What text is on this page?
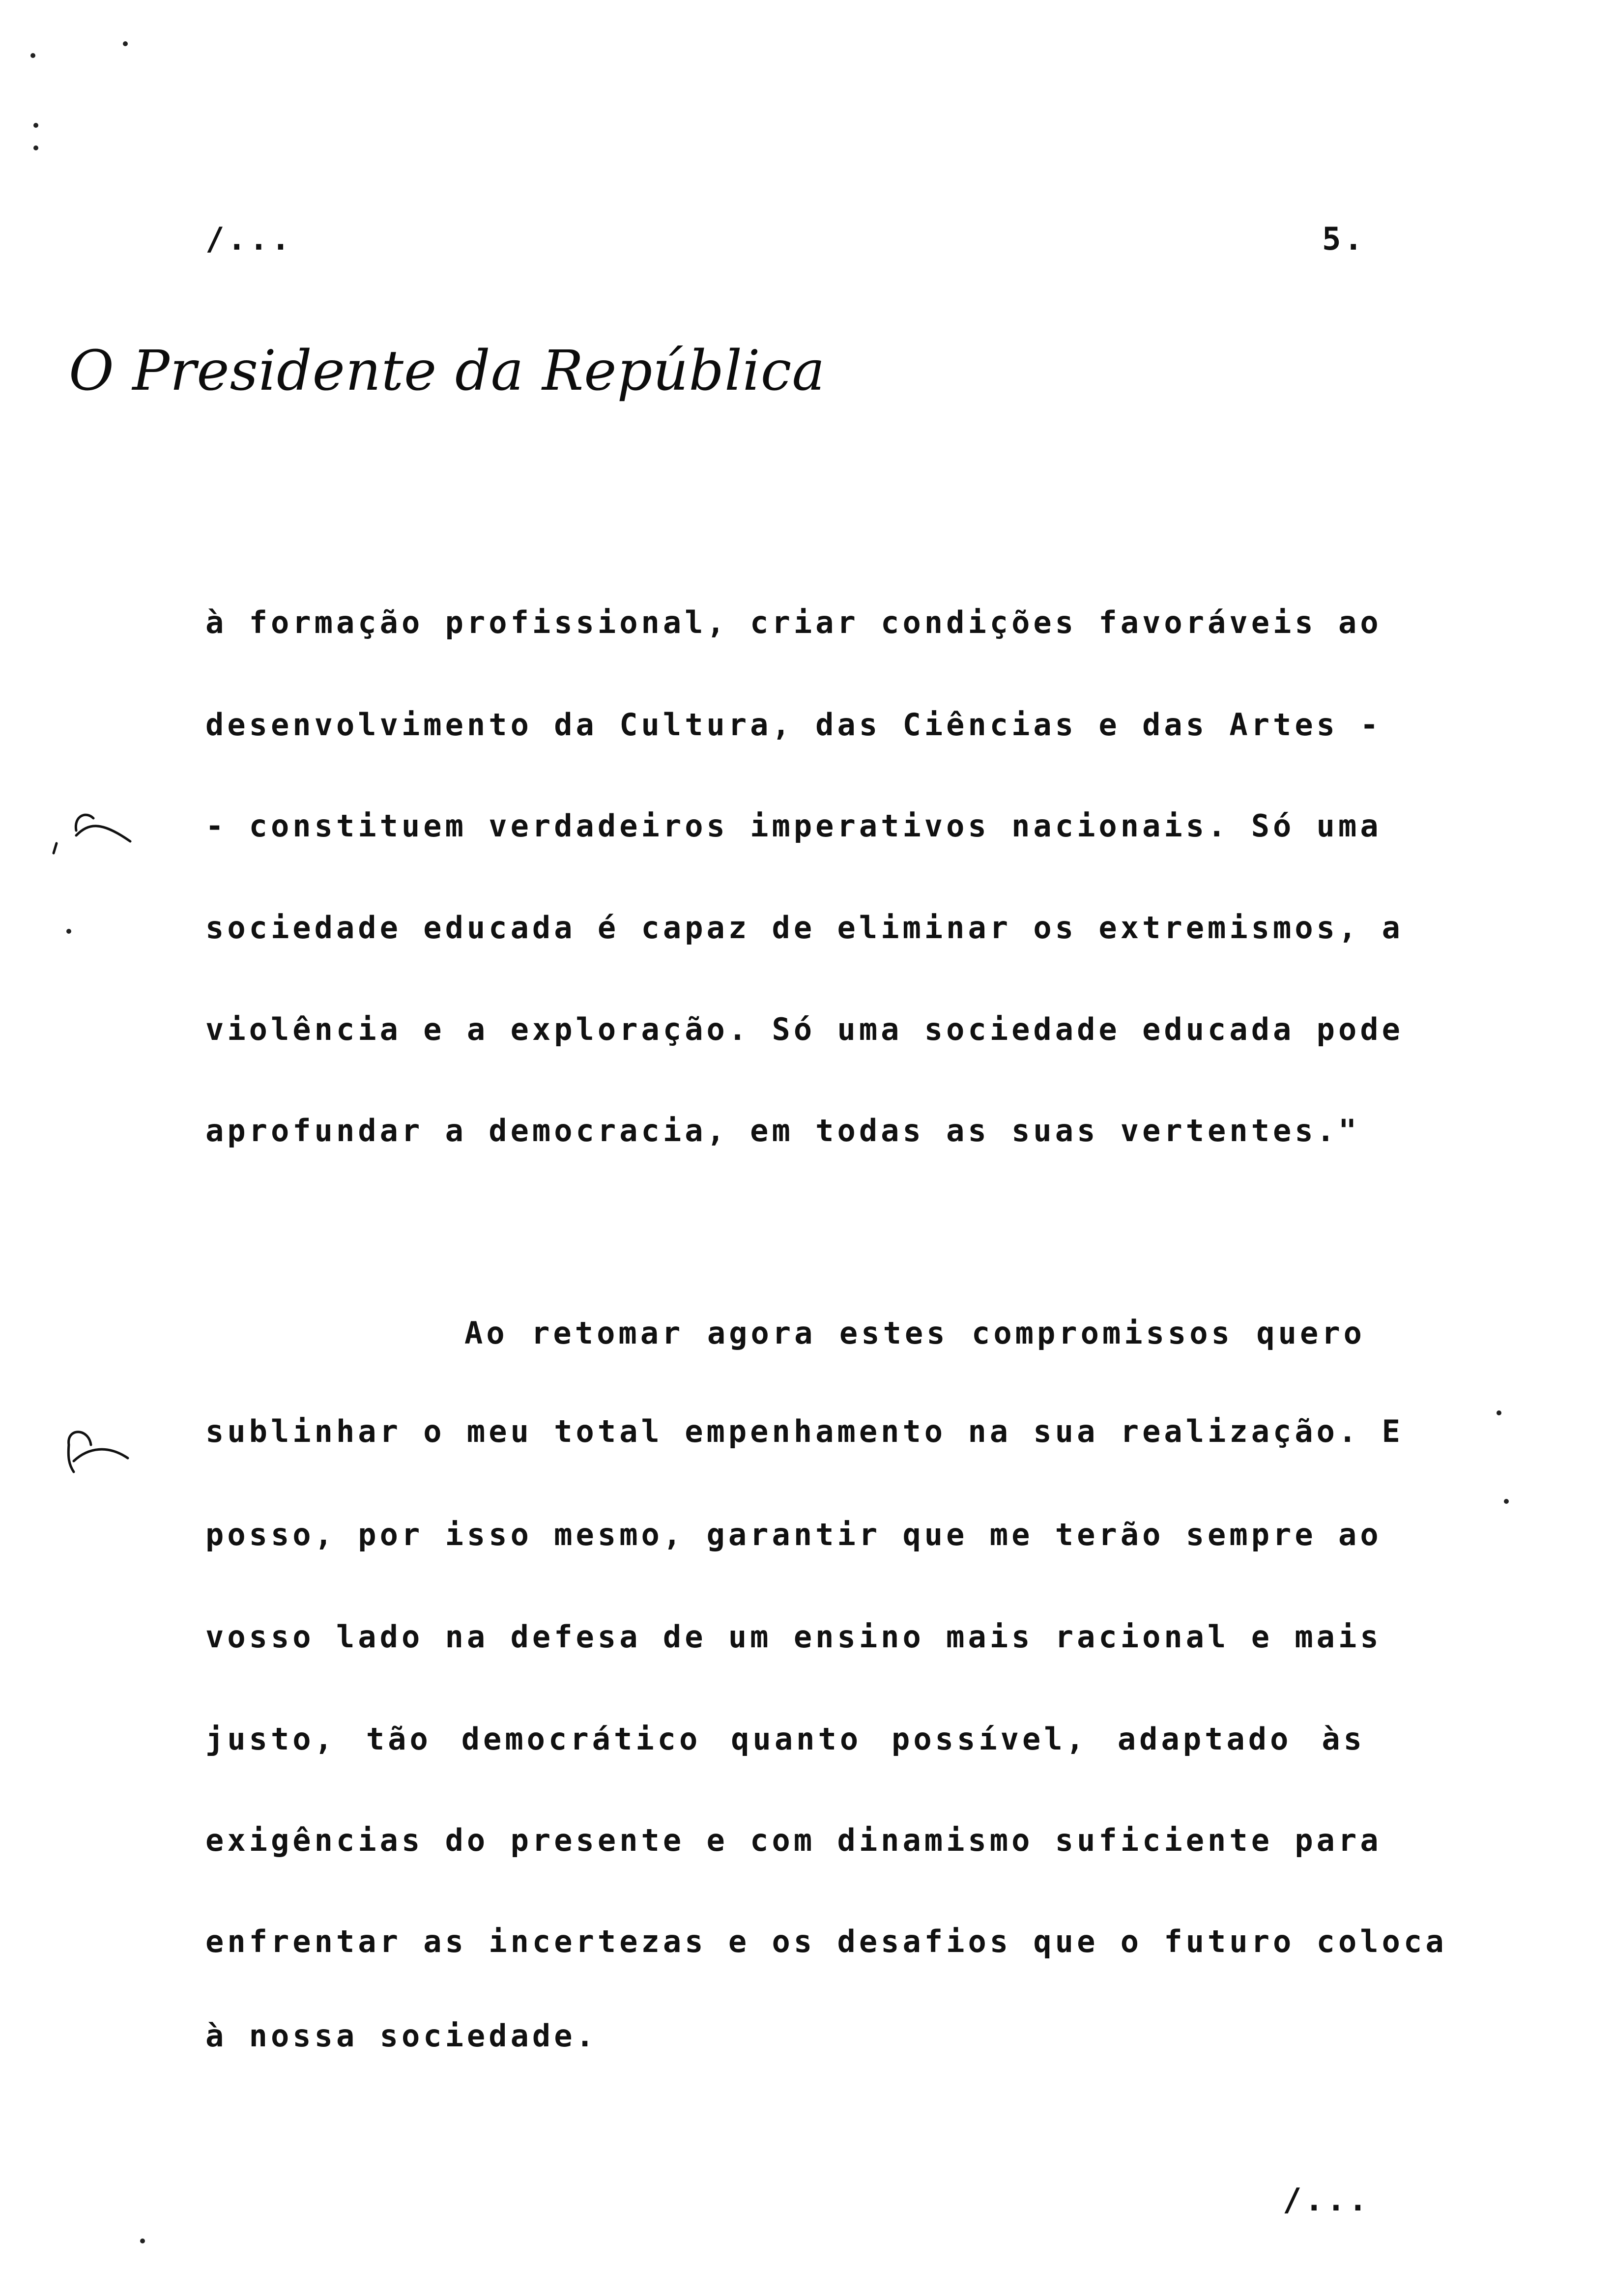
/...	5.
O Presidente da República
à formação profissional, criar condições favoráveis ao
desenvolvimento da Cultura, das Ciências e das Artes -
- constituem verdadeiros imperativos nacionais. Só uma
sociedade educada é capaz de eliminar os extremismos, a
violência e a exploração. Só uma sociedade educada pode
aprofundar a democracia, em todas as suas vertentes."
Ao retomar agora estes compromissos quero
sublinhar o meu total empenhamento na sua realização. E
posso, por isso mesmo, garantir que me terão sempre ao
vosso lado na defesa de um ensino mais racional e mais
justo, tão democrático quanto possível, adaptado às
exigências do presente e com dinamismo suficiente para
enfrentar as incertezas e os desafios que o futuro coloca
à nossa sociedade.
/...
